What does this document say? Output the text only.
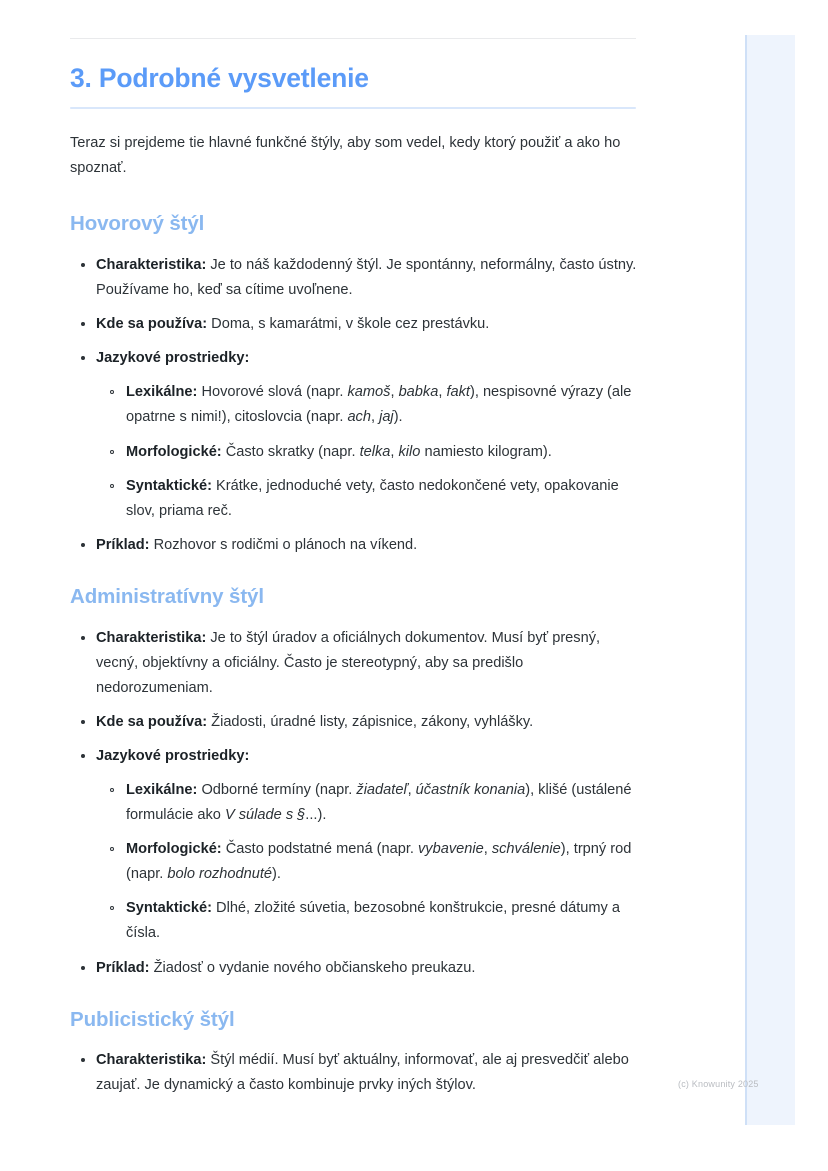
3. Podrobné vysvetlenie

Teraz si prejdeme tie hlavné funkčné štýly, aby som vedel, kedy ktorý použiť a ako ho spoznať.

Hovorový štýl
Charakteristika: Je to náš každodenný štýl. Je spontánny, neformálny, často ústny. Používame ho, keď sa cítime uvoľnene.
Kde sa používa: Doma, s kamarátmi, v škole cez prestávku.
Jazykové prostriedky:
Lexikálne: Hovorové slová (napr. kamoš, babka, fakt), nespisovné výrazy (ale opatrne s nimi!), citoslovcia (napr. ach, jaj).
Morfologické: Často skratky (napr. telka, kilo namiesto kilogram).
Syntaktické: Krátke, jednoduché vety, často nedokončené vety, opakovanie slov, priama reč.
Príklad: Rozhovor s rodičmi o plánoch na víkend.
Administratívny štýl
Charakteristika: Je to štýl úradov a oficiálnych dokumentov. Musí byť presný, vecný, objektívny a oficiálny. Často je stereotypný, aby sa predišlo nedorozumeniam.
Kde sa používa: Žiadosti, úradné listy, zápisnice, zákony, vyhlášky.
Jazykové prostriedky:
Lexikálne: Odborné termíny (napr. žiadateľ, účastník konania), klišé (ustálené formulácie ako V súlade s §...).
Morfologické: Často podstatné mená (napr. vybavenie, schválenie), trpný rod (napr. bolo rozhodnuté).
Syntaktické: Dlhé, zložité súvetia, bezosobné konštrukcie, presné dátumy a čísla.
Príklad: Žiadosť o vydanie nového občianskeho preukazu.
Publicistický štýl
Charakteristika: Štýl médií. Musí byť aktuálny, informovať, ale aj presvedčiť alebo zaujať. Je dynamický a často kombinuje prvky iných štýlov.	(c) Knowunity 2025
